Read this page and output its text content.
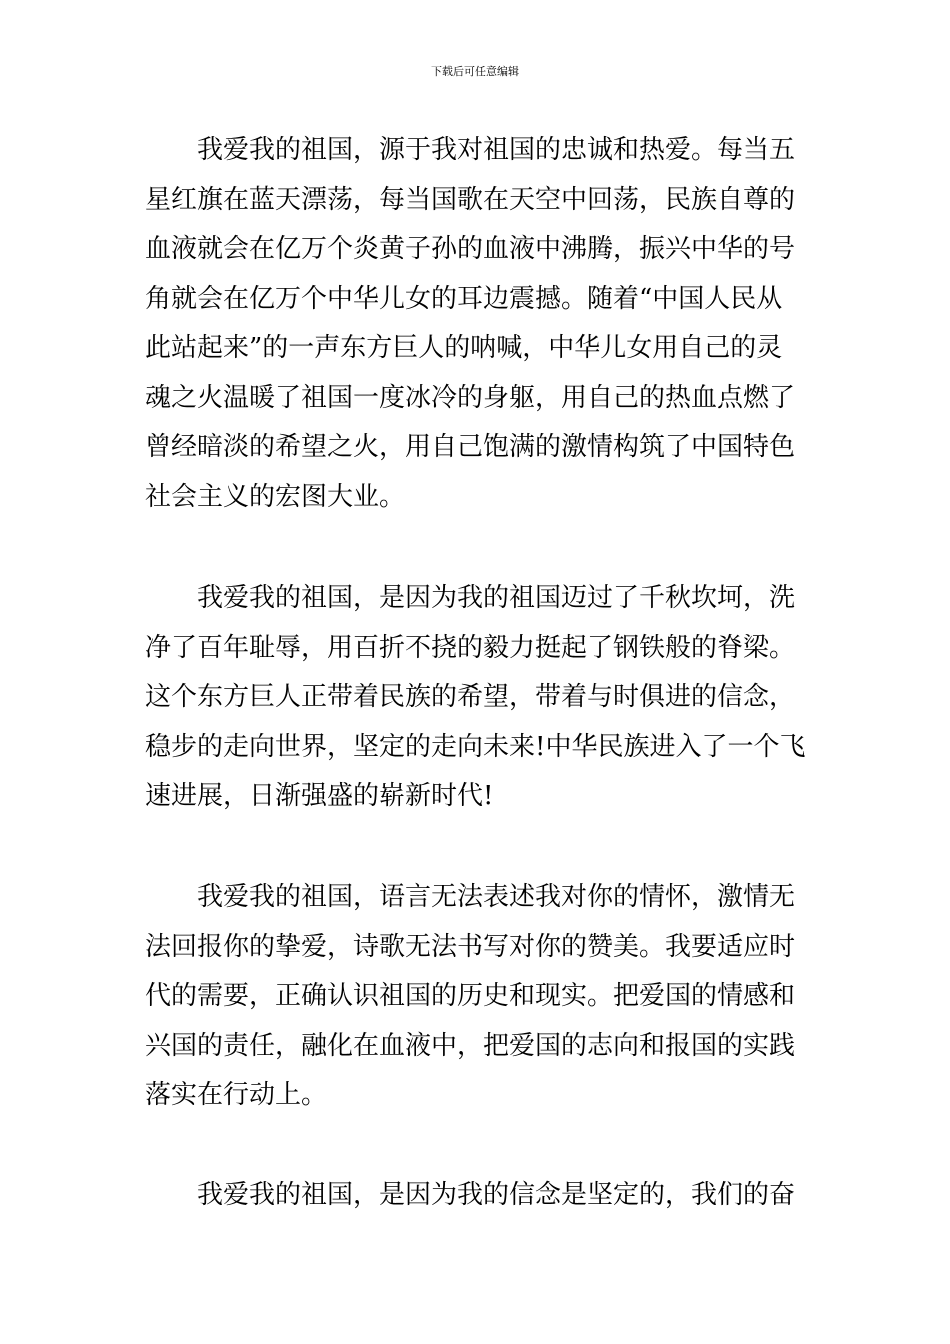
下载后可任意编辑
我爱我的祖国，源于我对祖国的忠诚和热爱。每当五
星红旗在蓝天漂荡，每当国歌在天空中回荡，民族自尊的
血液就会在亿万个炎黄子孙的血液中沸腾，振兴中华的号
角就会在亿万个中华儿女的耳边震撼。随着“中国人民从
此站起来”的一声东方巨人的呐喊，中华儿女用自己的灵
魂之火温暖了祖国一度冰冷的身躯，用自己的热血点燃了
曾经暗淡的希望之火，用自己饱满的激情构筑了中国特色
社会主义的宏图大业。
我爱我的祖国，是因为我的祖国迈过了千秋坎坷，洗
净了百年耻辱，用百折不挠的毅力挺起了钢铁般的脊梁。
这个东方巨人正带着民族的希望，带着与时俱进的信念，
稳步的走向世界，坚定的走向未来!中华民族进入了一个飞
速进展，日渐强盛的崭新时代!
我爱我的祖国，语言无法表述我对你的情怀，激情无
法回报你的挚爱，诗歌无法书写对你的赞美。我要适应时
代的需要，正确认识祖国的历史和现实。把爱国的情感和
兴国的责任，融化在血液中，把爱国的志向和报国的实践
落实在行动上。
我爱我的祖国，是因为我的信念是坚定的，我们的奋
